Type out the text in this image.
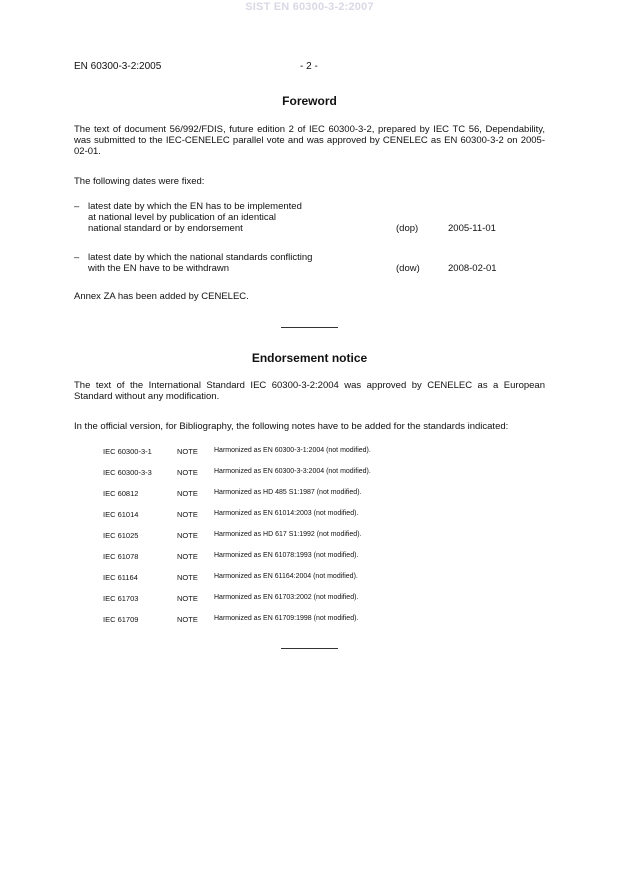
SIST EN 60300-3-2:2007
EN 60300-3-2:2005	- 2 -
Foreword

The text of document 56/992/FDIS, future edition 2 of IEC 60300-3-2, prepared by IEC TC 56, Dependability, was submitted to the IEC-CENELEC parallel vote and was approved by CENELEC as EN 60300-3-2 on 2005-02-01.

The following dates were fixed:

– latest date by which the EN has to be implemented
at national level by publication of an identical
national standard or by endorsement	(dop)	2005-11-01
– latest date by which the national standards conflicting
with the EN have to be withdrawn	(dow)	2008-02-01

Annex ZA has been added by CENELEC.

Endorsement notice

The text of the International Standard IEC 60300-3-2:2004 was approved by CENELEC as a European Standard without any modification.

In the official version, for Bibliography, the following notes have to be added for the standards indicated:

IEC 60300-3-1	NOTE Harmonized as EN 60300-3-1:2004 (not modified).
IEC 60300-3-3	NOTE Harmonized as EN 60300-3-3:2004 (not modified).
IEC 60812	NOTE Harmonized as HD 485 S1:1987 (not modified).
IEC 61014	NOTE Harmonized as EN 61014:2003 (not modified).
IEC 61025	NOTE Harmonized as HD 617 S1:1992 (not modified).
IEC 61078	NOTE Harmonized as EN 61078:1993 (not modified).
IEC 61164	NOTE Harmonized as EN 61164:2004 (not modified).
IEC 61703	NOTE Harmonized as EN 61703:2002 (not modified).
IEC 61709	NOTE Harmonized as EN 61709:1998 (not modified).
